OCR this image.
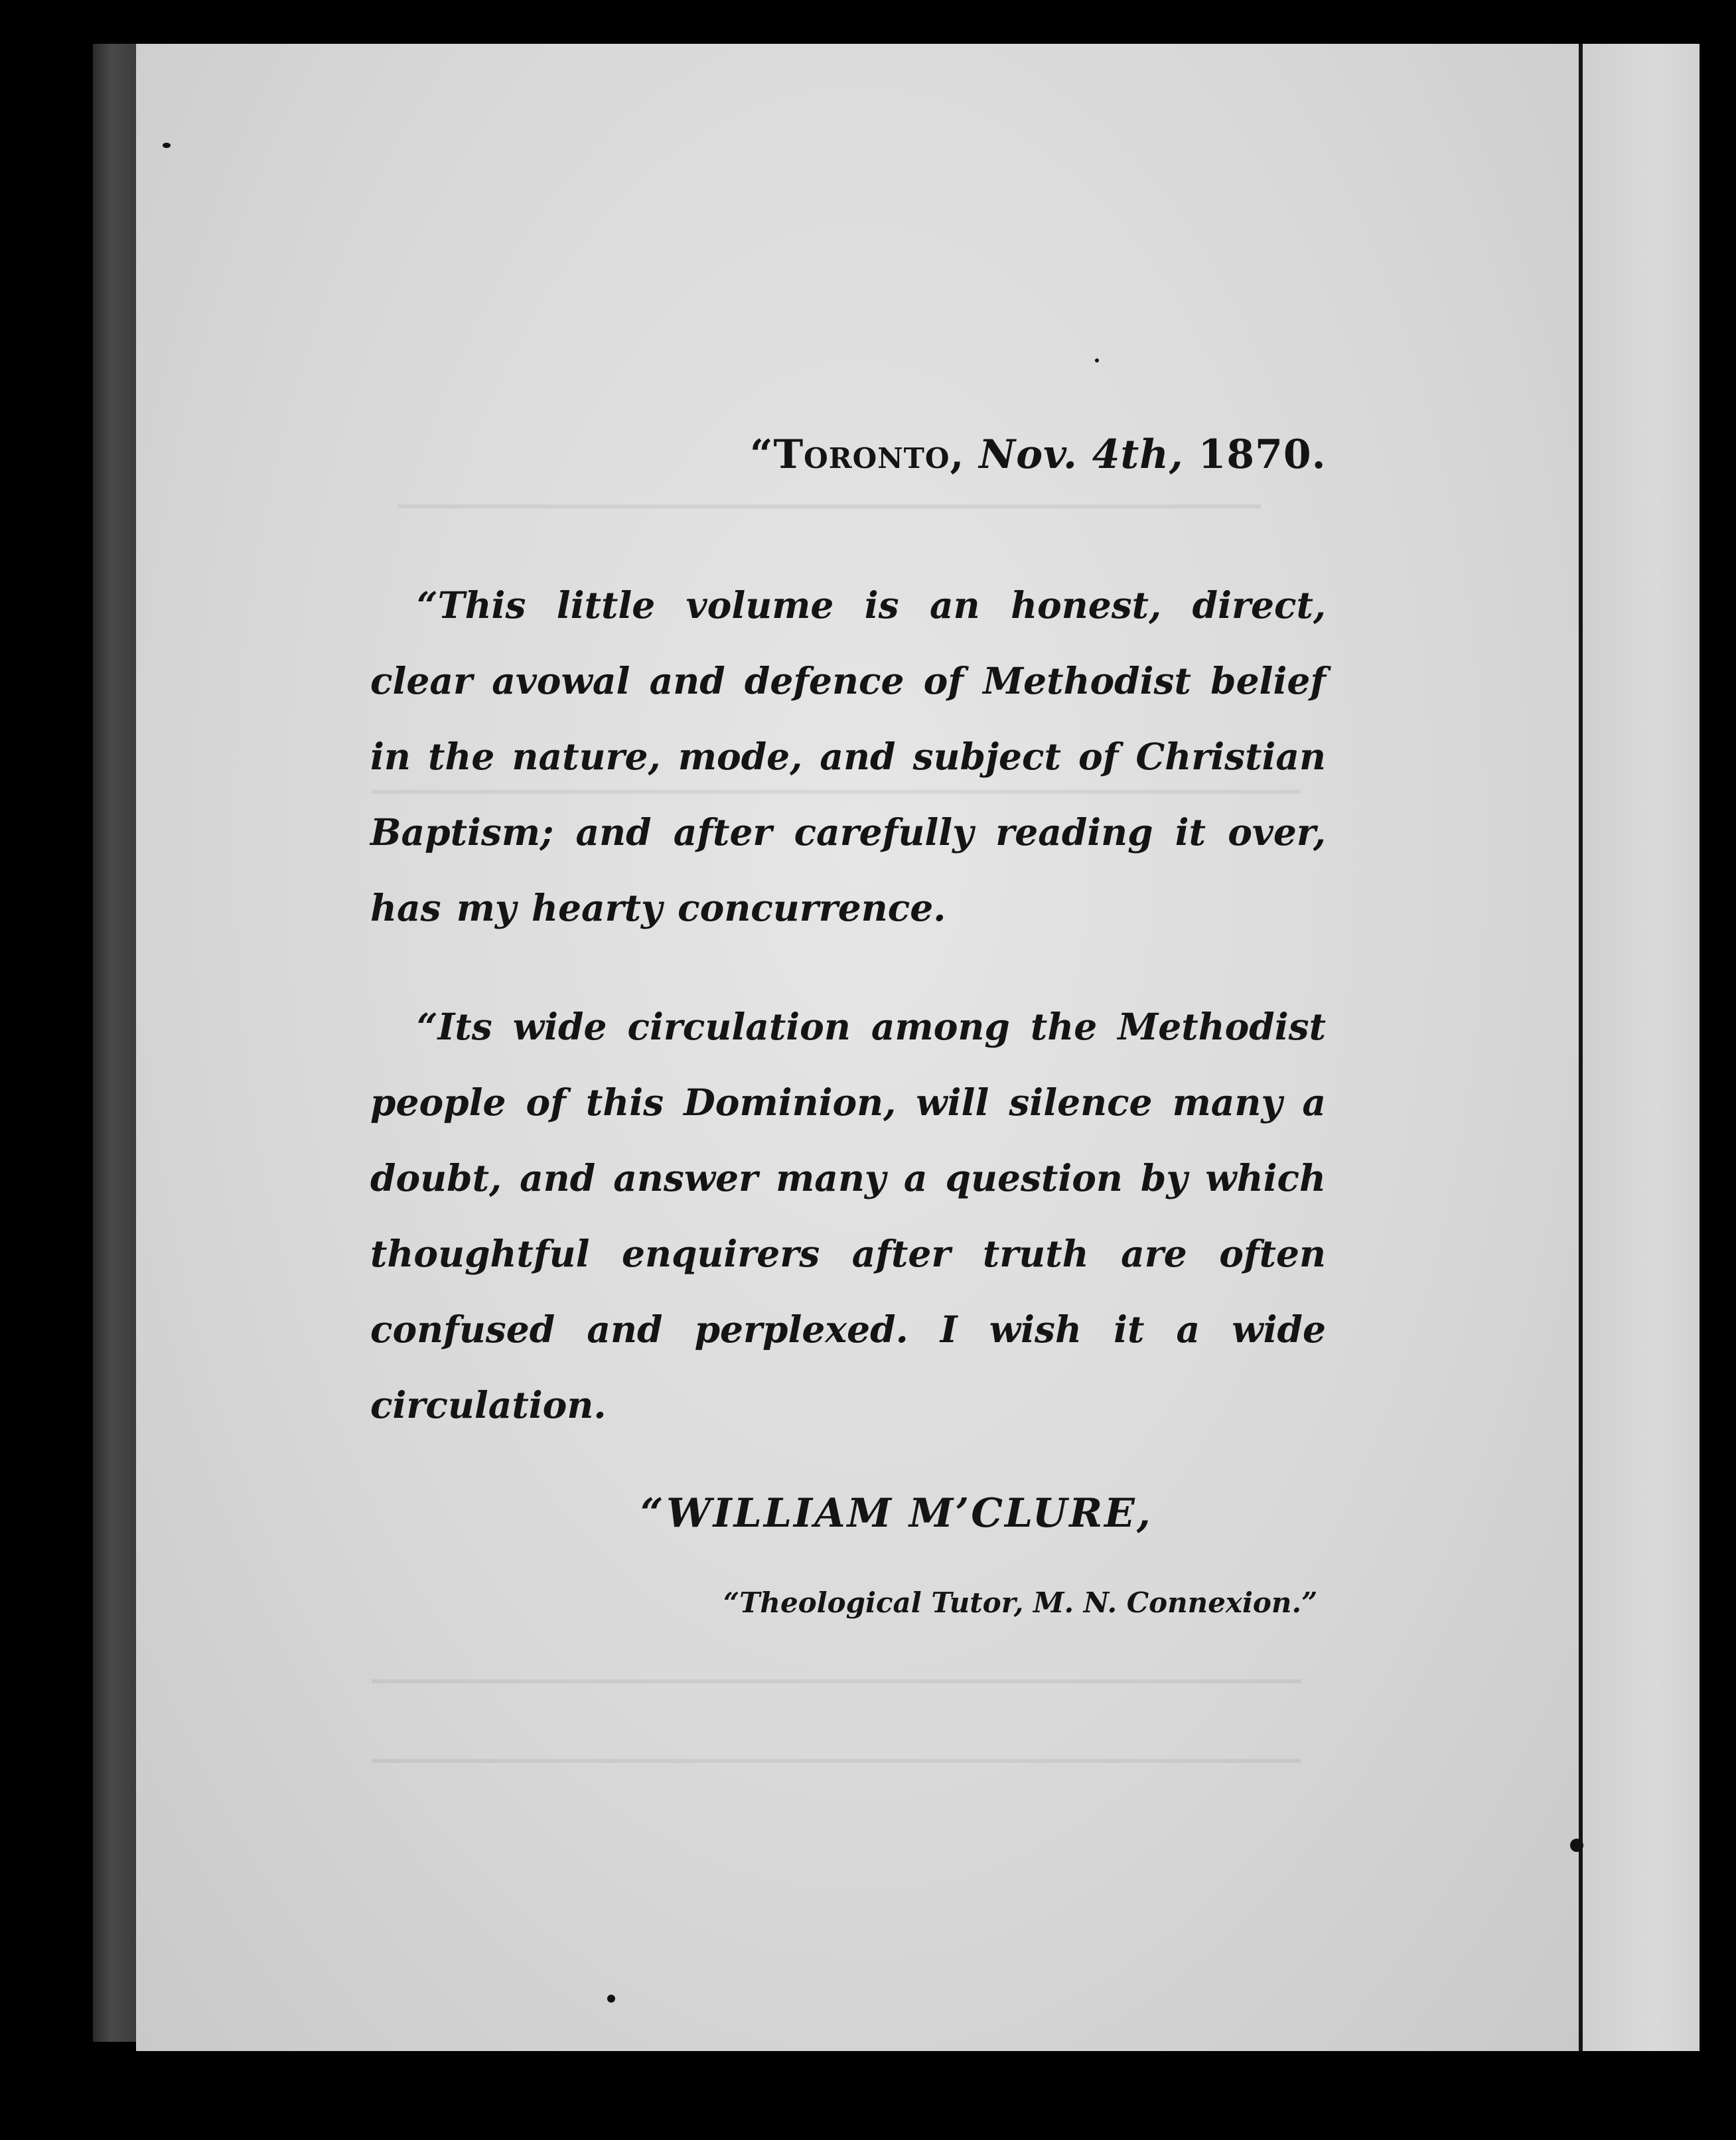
“Toronto, Nov. 4th, 1870.
“This little volume is an honest, direct, clear avowal and defence of Methodist belief in the nature, mode, and subject of Christian Baptism; and after carefully reading it over, has my hearty concurrence.
“Its wide circulation among the Methodist people of this Dominion, will silence many a doubt, and answer many a question by which thoughtful enquirers after truth are often confused and perplexed. I wish it a wide circulation.
“WILLIAM M’CLURE,
“Theological Tutor, M. N. Connexion.”
